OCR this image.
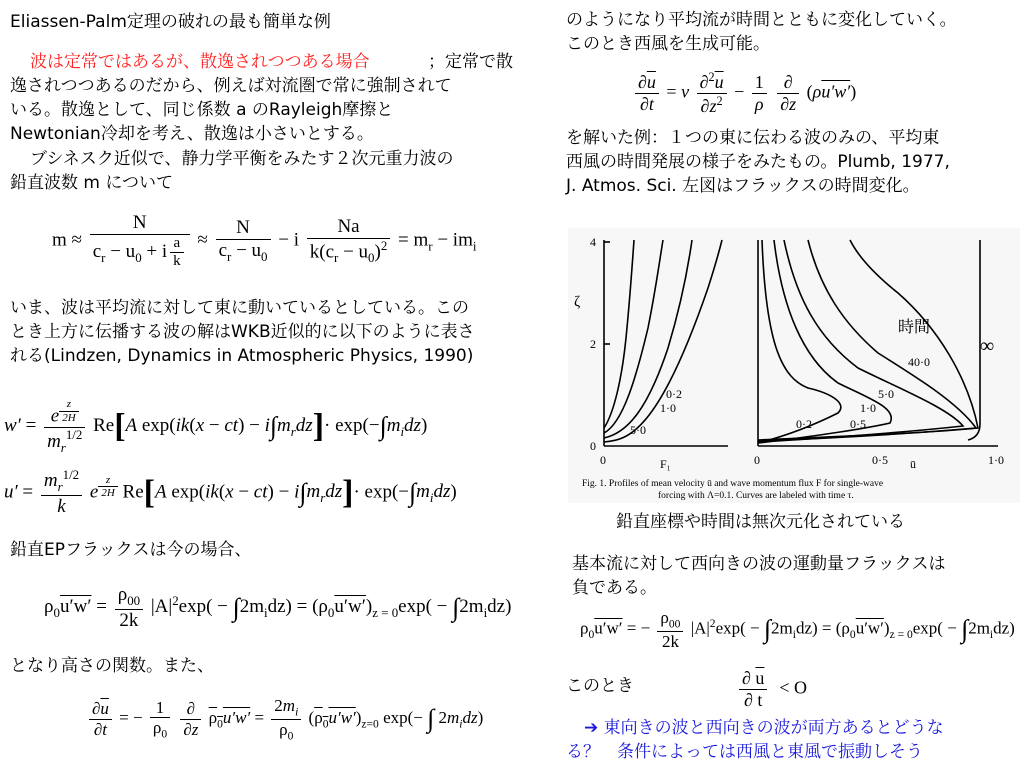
Eliassen-Palm定理の破れの最も簡単な例
波は定常ではあるが、散逸されつつある場合	；定常で散
逸されつつあるのだから、例えば対流圏で常に強制されて
いる。散逸として、同じ係数 a のRayleigh摩擦と
Newtonian冷却を考え、散逸は小さいとする。
ブシネスク近似で、静力学平衡をみたす２次元重力波の
鉛直波数 m について
$m \approx \frac{N}{c_r - u_0 + i \frac{a}{k}} \approx \frac{N}{c_r - u_0} - i \frac{Na}{k(c_r - u_0)^2} = m_r - im_i$
いま、波は平均流に対して東に動いているとしている。この
とき上方に伝播する波の解はWKB近似的に以下のように表さ
れる(Lindzen, Dynamics in Atmospheric Physics, 1990)
w′ = e $^{\frac{z}{2H}}$
$m_r^{1/2}$ Re[A $\exp(ik(x - ct) - i\int m_rdz]\cdot \exp(-\int m_idz)$
$u' = \frac{m_r^{1/2}}{k}$ e $^{\frac{z}{2H}}$ Re[A $\exp(ik(x - ct) - i\int m_rdz]\cdot \exp(-\int m_idz)$
鉛直EPフラックスは今の場合、
$\rho_0u'w' = \frac{\rho_{00}}{2k} |A|^2\exp( - \int 2m_idz) = (\rho_0u'w')_{z = 0}\exp( - \int 2m_idz)$
となり高さの関数。また、
$\frac{\partial\overline{u}}{\partial t}$ = − $\frac{1}{\rho_0}$
$\frac{\partial}{\partial z} \rho_0u'w' = \frac{2m_i}{\rho_0} (\rho_0u'w')_{z=0}$ exp(− ∫ $2m_idz$)
のようになり平均流が時間とともに変化していく。
このとき西風を生成可能。
$\frac{\partial\overline{u}}{\partial t} = \nu \frac{\partial^2\overline{u}}{\partial z^2} - \frac{1}{\rho}$
$\frac{\partial}{\partial z} (\rho u'w')$
を解いた例：１つの東に伝わる波のみの、平均東
西風の時間発展の様子をみたもの。Plumb, 1977,
J. Atmos. Sci. 左図はフラックスの時間変化。
4
2
0
ζ
0	F₁	0	0·5	1·0
ū
0·2
1·0
5·0	0·2	0·5
1·0
5·0
40·0
∞
時間
Fig. 1. Profiles of mean velocity ū and wave momentum flux F for single-wave forcing with Λ=0.1. Curves are labeled with time τ.
鉛直座標や時間は無次元化されている
基本流に対して西向きの波の運動量フラックスは
負である。
$\rho_0u'w'$ = − $\frac{\rho_{00}}{2k} |A|^2\exp( - \int 2m_idz) = (\rho_0u'w')_{z = 0}\exp( - \int 2m_idz)$
このとき	$\frac{\partial \overline{u}}{\partial t} < O$
➔ 東向きの波と西向きの波が両方あるとどうな
る？　条件によっては西風と東風で振動しそう
